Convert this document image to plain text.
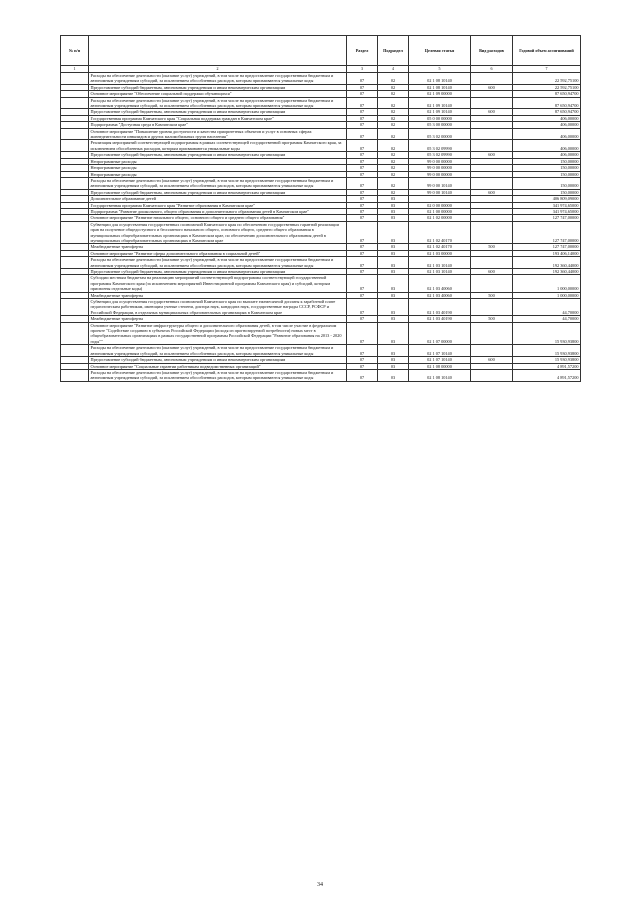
№ п/п		Раздел	Подраздел	Целевая статья	Вид расходов	Годовой объем ассигнований
1	2	3	4	5	6	7
	Расходы на обеспечение деятельности (оказание услуг) учреждений, в том числе на предоставление государственным бюджетным и автономным учреждениям субсидий, за исключением обособленных расходов, которым присваиваются уникальные коды	07	02	02 1 08 10140		22 592,75100
	Предоставление субсидий бюджетным, автономным учреждениям и иным некоммерческим организациям	07	02	02 1 08 10140	600	22 592,75100
	Основное мероприятие "Обеспечение социальной поддержки обучающихся"	07	02	02 1 09 00000		87 650,94700
	Расходы на обеспечение деятельности (оказание услуг) учреждений, в том числе на предоставление государственным бюджетным и автономным учреждениям субсидий, за исключением обособленных расходов, которым присваиваются уникальные коды	07	02	02 1 09 10140		87 650,94700
	Предоставление субсидий бюджетным, автономным учреждениям и иным некоммерческим организациям	07	02	02 1 09 10140	600	87 650,94700
	Государственная программа Камчатского края "Социальная поддержка граждан в Камчатском крае"	07	02	05 0 00 00000		406,00000
	Подпрограмма "Доступная среда в Камчатском крае"	07	02	05 3 00 00000		406,00000
	Основное мероприятие "Повышение уровня доступности и качества приоритетных объектов и услуг в основных сферах жизнедеятельности инвалидов и других маломобильных групп населения"	07	02	05 3 02 00000		406,00000
	Реализация мероприятий соответствующей подпрограммы в рамках соответствующей государственной программы Камчатского края, за исключением обособленных расходов, которым присваиваются уникальные коды	07	02	05 3 02 09990		406,00000
	Предоставление субсидий бюджетным, автономным учреждениям и иным некоммерческим организациям	07	02	05 3 02 09990	600	406,00000
	Непрограммные расходы	07	02	99 0 00 00000		150,00000
	Непрограммные расходы	07	02	99 0 00 00000		150,00000
	Непрограммные расходы	07	02	99 0 00 00000		150,00000
	Расходы на обеспечение деятельности (оказание услуг) учреждений, в том числе на предоставление государственным бюджетным и автономным учреждениям субсидий, за исключением обособленных расходов, которым присваиваются уникальные коды	07	02	99 0 00 10140		150,00000
	Предоставление субсидий бюджетным, автономным учреждениям и иным некоммерческим организациям	07	02	99 0 00 10140	600	150,00000
	Дополнительное образование детей	07	03			406 809,09000
	Государственная программа Камчатского края "Развитие образования в Камчатском крае"	07	03	02 0 00 00000		341 974,65000
	Подпрограмма "Развитие дошкольного, общего образования и дополнительного образования детей в Камчатском крае"	07	03	02 1 00 00000		341 974,65000
	Основное мероприятие "Развитие начального общего, основного общего и среднего общего образования"	07	03	02 1 02 00000		127 747,00000
	Субвенции для осуществления государственных полномочий Камчатского края по обеспечению государственных гарантий реализации прав на получение общедоступного и бесплатного начального общего, основного общего, среднего общего образования в муниципальных общеобразовательных организациях в Камчатском крае, по обеспечению дополнительного образования детей в муниципальных общеобразовательных организациях в Камчатском крае	07	03	02 1 02 40170		127 747,00000
	Межбюджетные трансферты	07	03	02 1 02 40170	500	127 747,00000
	Основное мероприятие "Развитие сферы дополнительного образования в социальной детей"	07	03	02 1 03 00000		193 406,14000
	Расходы на обеспечение деятельности (оказание услуг) учреждений, в том числе на предоставление государственным бюджетным и автономным учреждениям субсидий, за исключением обособленных расходов, которым присваиваются уникальные коды	07	03	02 1 03 10140		192 360,44000
	Предоставление субсидий бюджетным, автономным учреждениям и иным некоммерческим организациям	07	03	02 1 03 10140	600	192 360,44000
	Субсидии местным бюджетам на реализацию мероприятий соответствующей подпрограммы соответствующей государственной программы Камчатского края (за исключением мероприятий Инвестиционной программы Камчатского края) и субсидий, которым присвоены отдельные коды)	07	03	02 1 03 40060		1 000,00000
	Межбюджетные трансферты	07	03	02 1 03 40060	500	1 000,00000
	Субвенции для осуществления государственных полномочий Камчатского края по выплате ежемесячной доплаты к заработной плате педагогическим работникам, имеющим ученые степени, доктора наук, кандидата наук, государственные награды СССР, РСФСР и Российской Федерации, в отдельных муниципальных образовательных организациях в Камчатском крае	07	03	02 1 03 40190		44,70000
	Межбюджетные трансферты	07	03	02 1 03 40190	500	44,70000
	Основное мероприятие "Развитие инфраструктуры общего и дополнительного образования детей, в том числе участие в федеральном проекте "Содействие созданию в субъектах Российской Федерации (исходя из прогнозируемой потребности) новых мест в общеобразовательных организациях в рамках государственной программы Российской Федерации "Развитие образования на 2013 - 2020 годы""	07	03	02 1 07 00000		15 930,93800
	Расходы на обеспечение деятельности (оказание услуг) учреждений, в том числе на предоставление государственным бюджетным и автономным учреждениям субсидий, за исключением обособленных расходов, которым присваиваются уникальные коды	07	03	02 1 07 10140		15 930,93800
	Предоставление субсидий бюджетным, автономным учреждениям и иным некоммерческим организациям	07	03	02 1 07 10140	600	15 930,93800
	Основное мероприятие "Социальные гарантии работникам подведомственных организаций"	07	03	02 1 08 00000		4 891,57200
	Расходы на обеспечение деятельности (оказание услуг) учреждений, в том числе на предоставление государственным бюджетным и автономным учреждениям субсидий, за исключением обособленных расходов, которым присваиваются уникальные коды	07	03	02 1 08 10140		4 891,57200
34
